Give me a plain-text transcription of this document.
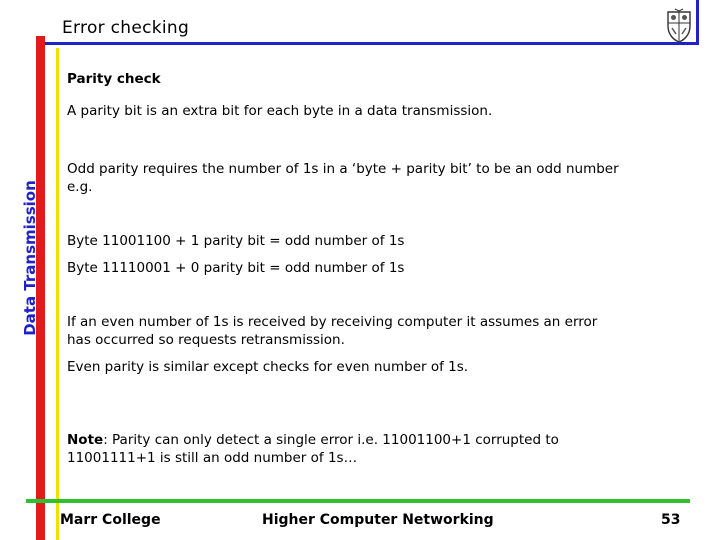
Error checking
Data Transmission
Parity check
A parity bit is an extra bit for each byte in a data transmission.
Odd parity requires the number of 1s in a ‘byte + parity bit’ to be an odd number
e.g.
Byte 11001100 + 1 parity bit = odd number of 1s
Byte 11110001 + 0 parity bit = odd number of 1s
If an even number of 1s is received by receiving computer it assumes an error
has occurred so requests retransmission.
Even parity is similar except checks for even number of 1s.
Note: Parity can only detect a single error i.e. 11001100+1 corrupted to
11001111+1 is still an odd number of 1s…
Marr College	Higher Computer Networking	53
